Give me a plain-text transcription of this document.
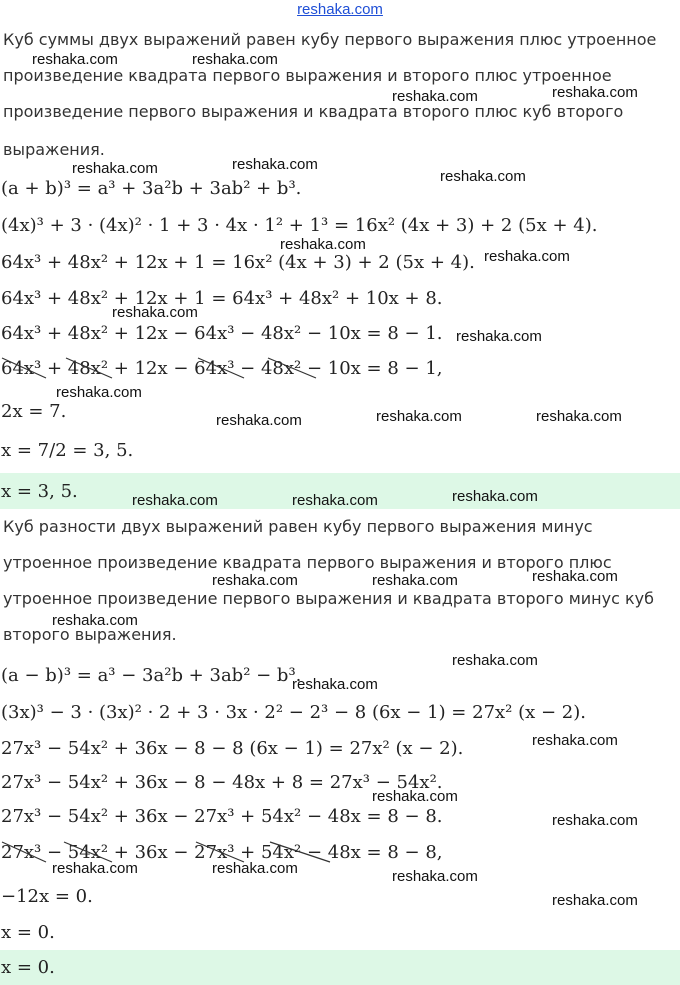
reshaka.com
Куб суммы двух выражений равен кубу первого выражения плюс утроенное
произведение квадрата первого выражения и второго плюс утроенное
произведение первого выражения и квадрата второго плюс куб второго
выражения.
(a + b)³ = a³ + 3a²b + 3ab² + b³.
(4x)³ + 3 · (4x)² · 1 + 3 · 4x · 1² + 1³ = 16x² (4x + 3) + 2 (5x + 4).
64x³ + 48x² + 12x + 1 = 16x² (4x + 3) + 2 (5x + 4).
64x³ + 48x² + 12x + 1 = 64x³ + 48x² + 10x + 8.
64x³ + 48x² + 12x − 64x³ − 48x² − 10x = 8 − 1.
64x³ + 48x² + 12x − 64x³ − 48x² − 10x = 8 − 1,
2x = 7.
x = 7/2 = 3, 5.
x = 3, 5.
Куб разности двух выражений равен кубу первого выражения минус
утроенное произведение квадрата первого выражения и второго плюс
утроенное произведение первого выражения и квадрата второго минус куб
второго выражения.
(a − b)³ = a³ − 3a²b + 3ab² − b³.
(3x)³ − 3 · (3x)² · 2 + 3 · 3x · 2² − 2³ − 8 (6x − 1) = 27x² (x − 2).
27x³ − 54x² + 36x − 8 − 8 (6x − 1) = 27x² (x − 2).
27x³ − 54x² + 36x − 8 − 48x + 8 = 27x³ − 54x².
27x³ − 54x² + 36x − 27x³ + 54x² − 48x = 8 − 8.
27x³ − 54x² + 36x − 27x³ + 54x² − 48x = 8 − 8,
−12x = 0.
x = 0.
x = 0.
reshaka.com	reshaka.com
reshaka.com	reshaka.com
reshaka.com	reshaka.com
reshaka.com
reshaka.com
reshaka.com
reshaka.com
reshaka.com
reshaka.com
reshaka.com	reshaka.com	reshaka.com
reshaka.com	reshaka.com	reshaka.com
reshaka.com	reshaka.com	reshaka.com
reshaka.com
reshaka.com
reshaka.com
reshaka.com
reshaka.com
reshaka.com
reshaka.com	reshaka.com	reshaka.com
reshaka.com
